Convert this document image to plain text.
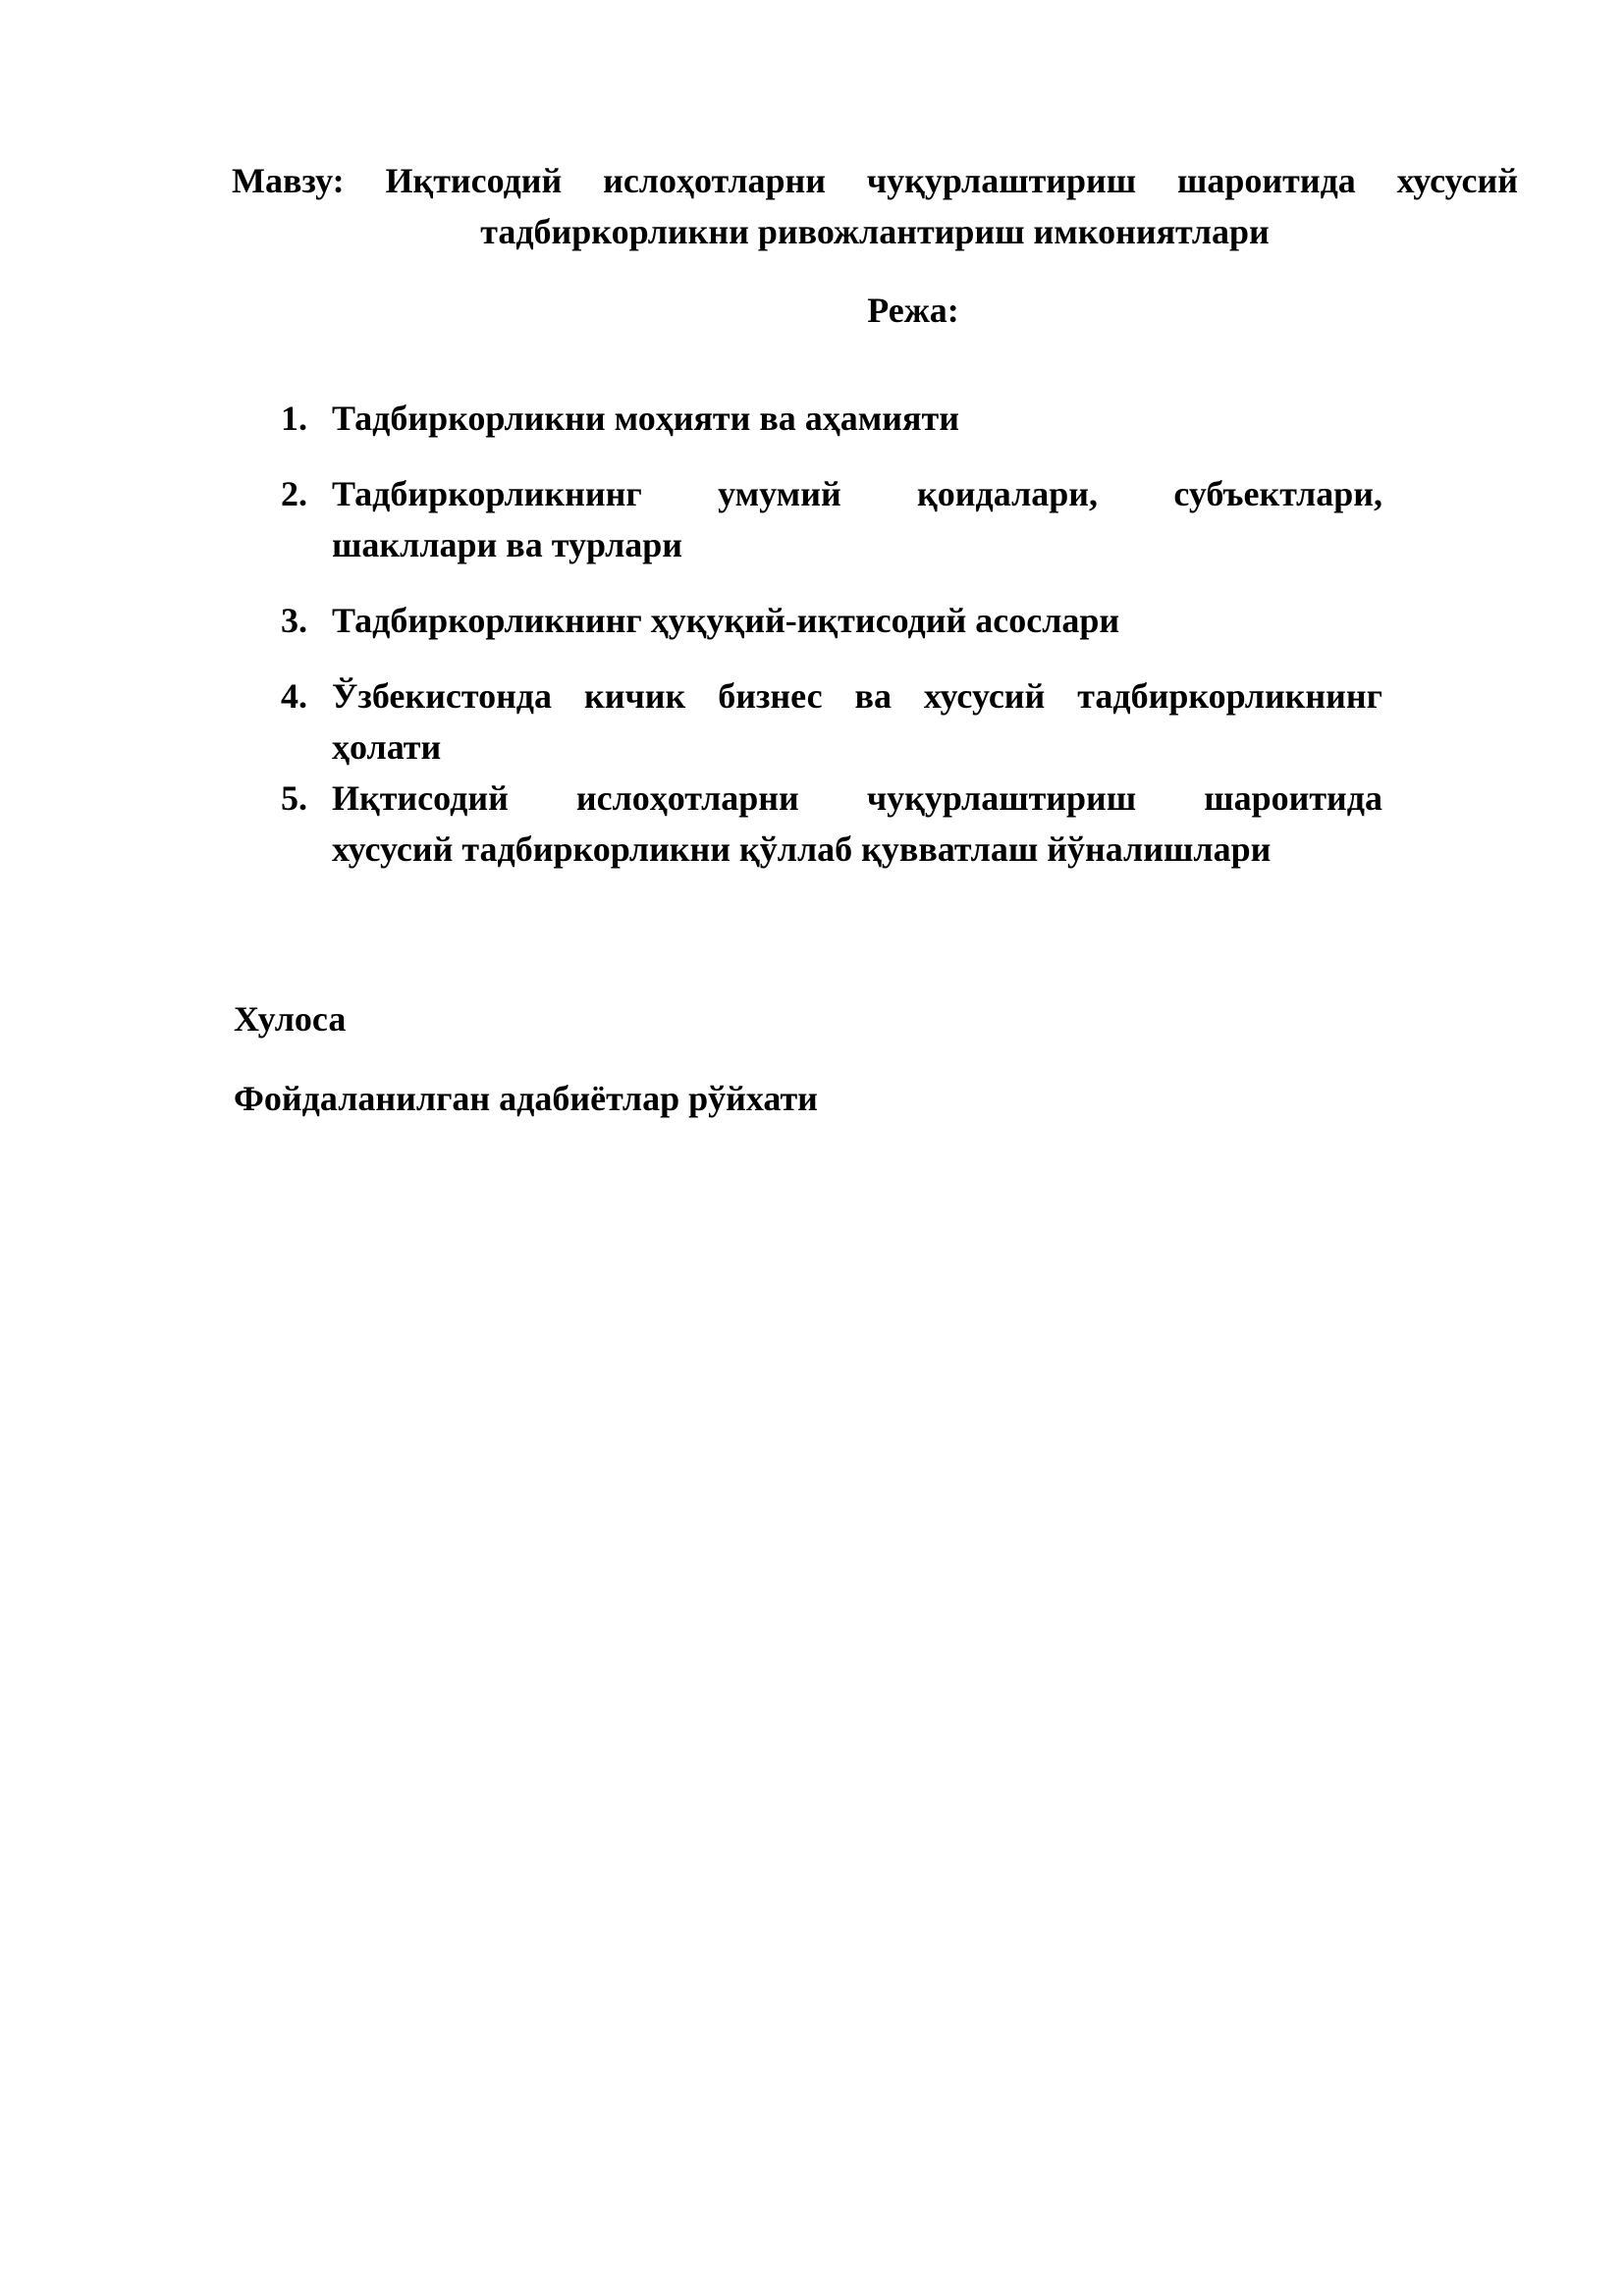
Мавзу: Иқтисодий ислоҳотларни чуқурлаштириш шароитида хусусий
тадбиркорликни ривожлантириш имкониятлари
Режа:
1. Тадбиркорликни моҳияти ва аҳамияти
2. Тадбиркорликнинг умумий қоидалари, субъектлари,
шакллари ва турлари
3. Тадбиркорликнинг ҳуқуқий-иқтисодий асослари
4. Ўзбекистонда кичик бизнес ва хусусий тадбиркорликнинг
ҳолати
5. Иқтисодий ислоҳотларни чуқурлаштириш шароитида
хусусий тадбиркорликни қўллаб қувватлаш йўналишлари

Хулоса

Фойдаланилган адабиётлар рўйхати
